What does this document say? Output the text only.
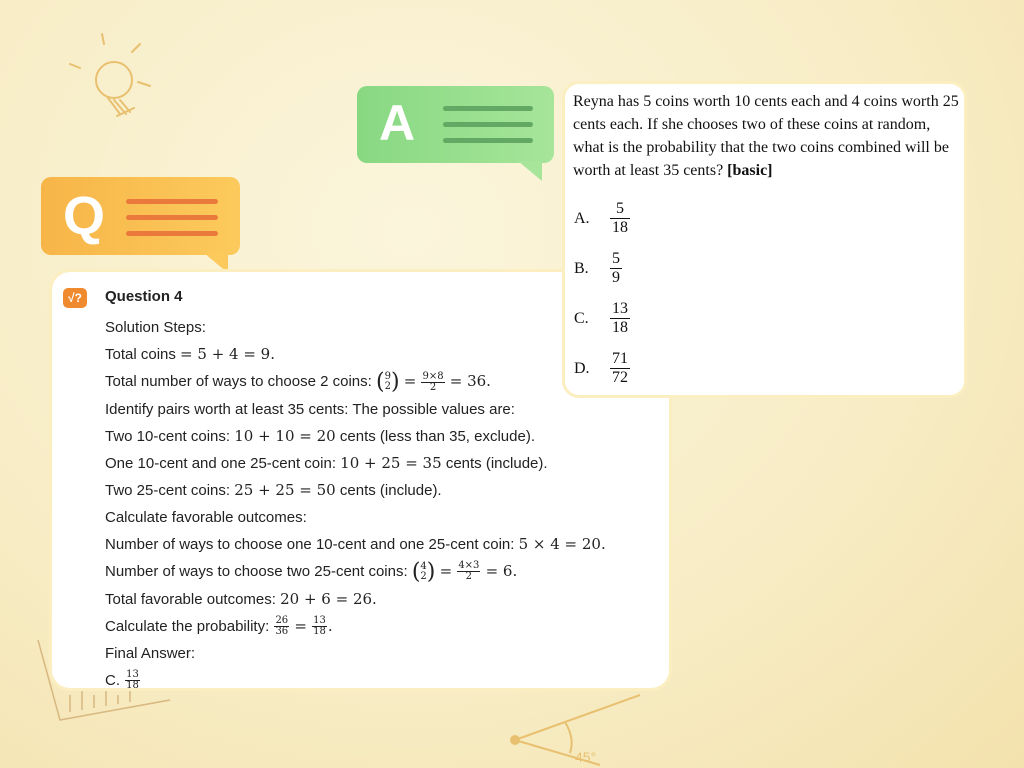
45°
A
Q
√?	Question 4
Solution Steps:
Total coins = 5 + 4 = 9.
Total number of ways to choose 2 coins: ( 9
2 ) = $\frac{9\times 8}{2} = 36$.
Identify pairs worth at least 35 cents: The possible values are:
Two 10-cent coins: 10 + 10 = 20 cents (less than 35, exclude).
One 10-cent and one 25-cent coin: 10 + 25 = 35 cents (include).
Two 25-cent coins: 25 + 25 = 50 cents (include).
Calculate favorable outcomes:
Number of ways to choose one 10-cent and one 25-cent coin: 5 × 4 = 20.
Number of ways to choose two 25-cent coins: ( 4
2 ) = $\frac{4\times 3}{2} = 6$.
Total favorable outcomes: 20 + 6 = 26.
Calculate the probability: $\frac{26}{36} = \frac{13}{18}$ .
Final Answer:
C. $\frac{13}{18}$
Reyna has 5 coins worth 10 cents each and 4 coins worth 25 cents each. If she chooses two of these coins at random, what is the probability that the two coins combined will be worth at least 35 cents? [basic]
A. $\frac{5}{18}$
B. $\frac{5}{9}$
C. $\frac{13}{18}$
D. $\frac{71}{72}$
